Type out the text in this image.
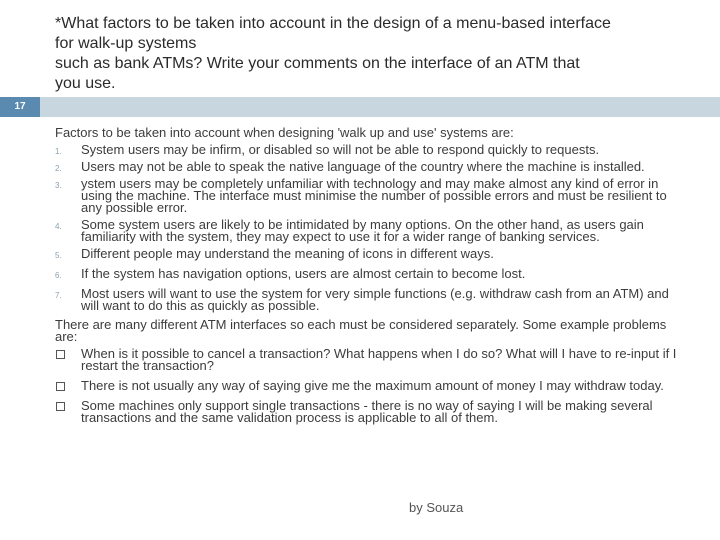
*What factors to be taken into account in the design of a menu-based interface
for walk-up systems
such as bank ATMs? Write your comments on the interface of an ATM that
you use.
17

Factors to be taken into account when designing 'walk up and use' systems are:

1.	System users may be infirm, or disabled so will not be able to respond quickly to requests.
2.	Users may not be able to speak the native language of the country where the machine is installed.
3.	ystem users may be completely unfamiliar with technology and may make almost any kind of error in using the machine. The interface must minimise the number of possible errors and must be resilient to any possible error.
4.	Some system users are likely to be intimidated by many options. On the other hand, as users gain familiarity with the system, they may expect to use it for a wider range of banking services.
5.	Different people may understand the meaning of icons in different ways.
6.	If the system has navigation options, users are almost certain to become lost.
7.	Most users will want to use the system for very simple functions (e.g. withdraw cash from an ATM) and will want to do this as quickly as possible.

There are many different ATM interfaces so each must be considered separately. Some example problems are:

When is it possible to cancel a transaction? What happens when I do so? What will I have to re-input if I restart the transaction?
There is not usually any way of saying give me the maximum amount of money I may withdraw today.
Some machines only support single transactions - there is no way of saying I will be making several transactions and the same validation process is applicable to all of them.
by Souza
